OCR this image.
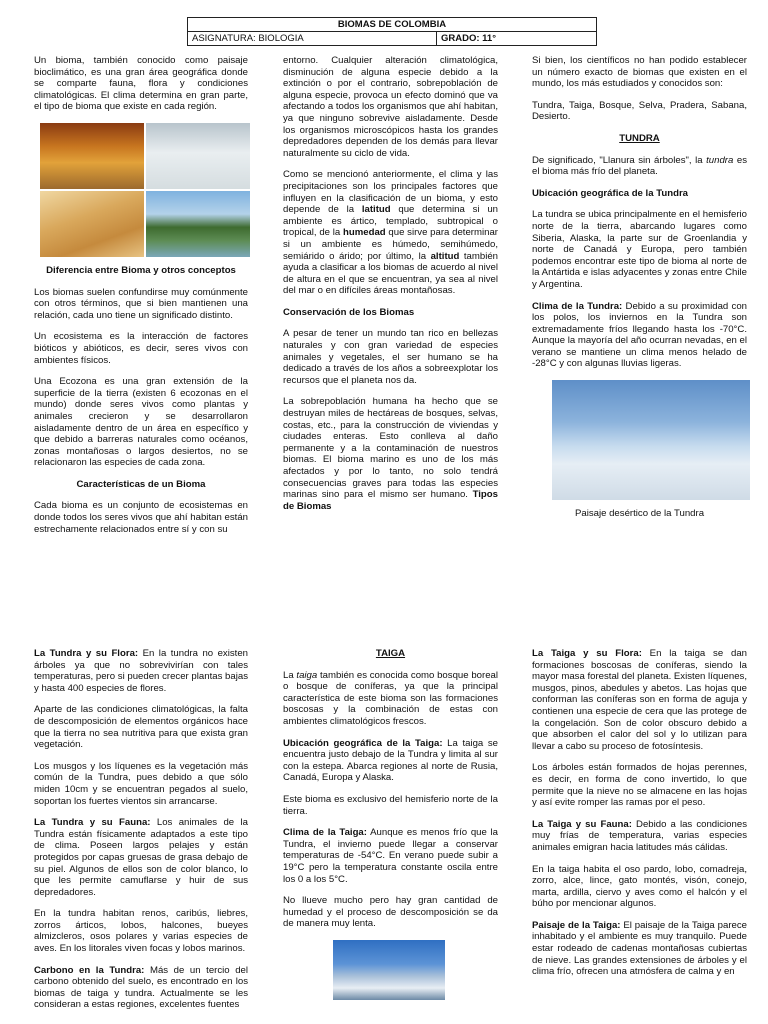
BIOMAS DE COLOMBIA
ASIGNATURA: BIOLOGIA	GRADO: 11°

Un bioma, también conocido como paisaje bioclimático, es una gran área geográfica donde se comparte fauna, flora y condiciones climatológicas. El clima determina en gran parte, el tipo de bioma que existe en cada región.

Diferencia entre Bioma y otros conceptos

Los biomas suelen confundirse muy comúnmente con otros términos, que si bien mantienen una relación, cada uno tiene un significado distinto.

Un ecosistema es la interacción de factores bióticos y abióticos, es decir, seres vivos con ambientes físicos.

Una Ecozona es una gran extensión de la superficie de la tierra (existen 6 ecozonas en el mundo) donde seres vivos como plantas y animales crecieron y se desarrollaron aisladamente dentro de un área en específico y que debido a barreras naturales como océanos, zonas montañosas o largos desiertos, no se relacionaron las especies de cada zona.

Características de un Bioma

Cada bioma es un conjunto de ecosistemas en donde todos los seres vivos que ahí habitan están estrechamente relacionados entre sí y con su

entorno. Cualquier alteración climatológica, disminución de alguna especie debido a la extinción o por el contrario, sobrepoblación de alguna especie, provoca un efecto dominó que va afectando a todos los organismos que ahí habitan, ya que ninguno sobrevive aisladamente. Desde los organismos microscópicos hasta los grandes depredadores dependen de los demás para llevar naturalmente su ciclo de vida.

Como se mencionó anteriormente, el clima y las precipitaciones son los principales factores que influyen en la clasificación de un bioma, y esto depende de la latitud que determina si un ambiente es ártico, templado, subtropical o tropical, de la humedad que sirve para determinar si un ambiente es húmedo, semihúmedo, semiárido o árido; por último, la altitud también ayuda a clasificar a los biomas de acuerdo al nivel de altura en el que se encuentran, ya sea al nivel del mar o en difíciles áreas montañosas.

Conservación de los Biomas

A pesar de tener un mundo tan rico en bellezas naturales y con gran variedad de especies animales y vegetales, el ser humano se ha dedicado a través de los años a sobreexplotar los recursos que el planeta nos da.

La sobrepoblación humana ha hecho que se destruyan miles de hectáreas de bosques, selvas, costas, etc., para la construcción de viviendas y ciudades enteras. Esto conlleva al daño permanente y a la contaminación de nuestros biomas. El bioma marino es uno de los más afectados y por lo tanto, no solo tendrá consecuencias graves para todas las especies marinas sino para el mismo ser humano. Tipos de Biomas

Si bien, los científicos no han podido establecer un número exacto de biomas que existen en el mundo, los más estudiados y conocidos son:

Tundra, Taiga, Bosque, Selva, Pradera, Sabana, Desierto.

TUNDRA

De significado, "Llanura sin árboles", la tundra es el bioma más frío del planeta.

Ubicación geográfica de la Tundra

La tundra se ubica principalmente en el hemisferio norte de la tierra, abarcando lugares como Siberia, Alaska, la parte sur de Groenlandia y norte de Canadá y Europa, pero también podemos encontrar este tipo de bioma al norte de la Antártida e islas adyacentes y zonas entre Chile y Argentina.

Clima de la Tundra: Debido a su proximidad con los polos, los inviernos en la Tundra son extremadamente fríos llegando hasta los -70°C. Aunque la mayoría del año ocurran nevadas, en el verano se mantiene un clima menos helado de -28°C y con algunas lluvias ligeras.

Paisaje desértico de la Tundra

La Tundra y su Flora: En la tundra no existen árboles ya que no sobrevivirían con tales temperaturas, pero si pueden crecer plantas bajas y hasta 400 especies de flores.

Aparte de las condiciones climatológicas, la falta de descomposición de elementos orgánicos hace que la tierra no sea nutritiva para que exista gran vegetación.

Los musgos y los líquenes es la vegetación más común de la Tundra, pues debido a que sólo miden 10cm y se encuentran pegados al suelo, soportan los fuertes vientos sin arrancarse.

La Tundra y su Fauna: Los animales de la Tundra están físicamente adaptados a este tipo de clima. Poseen largos pelajes y están protegidos por capas gruesas de grasa debajo de su piel. Algunos de ellos son de color blanco, lo que les permite camuflarse y huir de sus depredadores.

En la tundra habitan renos, caribús, liebres, zorros árticos, lobos, halcones, bueyes almizcleros, osos polares y varias especies de aves. En los litorales viven focas y lobos marinos.

Carbono en la Tundra: Más de un tercio del carbono obtenido del suelo, es encontrado en los biomas de taiga y tundra. Actualmente se les consideran a estas regiones, excelentes fuentes

TAIGA

La taiga también es conocida como bosque boreal o bosque de coníferas, ya que la principal característica de este bioma son las formaciones boscosas y la combinación de estas con ambientes climatológicos frescos.

Ubicación geográfica de la Taiga: La taiga se encuentra justo debajo de la Tundra y limita al sur con la estepa. Abarca regiones al norte de Rusia, Canadá, Europa y Alaska.

Este bioma es exclusivo del hemisferio norte de la tierra.

Clima de la Taiga: Aunque es menos frío que la Tundra, el invierno puede llegar a conservar temperaturas de -54°C. En verano puede subir a 19°C pero la temperatura constante oscila entre los 0 a los 5°C.

No llueve mucho pero hay gran cantidad de humedad y el proceso de descomposición se da de manera muy lenta.

La Taiga y su Flora: En la taiga se dan formaciones boscosas de coníferas, siendo la mayor masa forestal del planeta. Existen líquenes, musgos, pinos, abedules y abetos. Las hojas que conforman las coníferas son en forma de aguja y contienen una especie de cera que las protege de la congelación. Son de color obscuro debido a que absorben el calor del sol y lo utilizan para llevar a cabo su proceso de fotosíntesis.

Los árboles están formados de hojas perennes, es decir, en forma de cono invertido, lo que permite que la nieve no se almacene en las hojas y así evite romper las ramas por el peso.

La Taiga y su Fauna: Debido a las condiciones muy frías de temperatura, varias especies animales emigran hacia latitudes más cálidas.

En la taiga habita el oso pardo, lobo, comadreja, zorro, alce, lince, gato montés, visón, conejo, marta, ardilla, ciervo y aves como el halcón y el búho por mencionar algunos.

Paisaje de la Taiga: El paisaje de la Taiga parece inhabitado y el ambiente es muy tranquilo. Puede estar rodeado de cadenas montañosas cubiertas de nieve. Las grandes extensiones de árboles y el clima frío, ofrecen una atmósfera de calma y en
